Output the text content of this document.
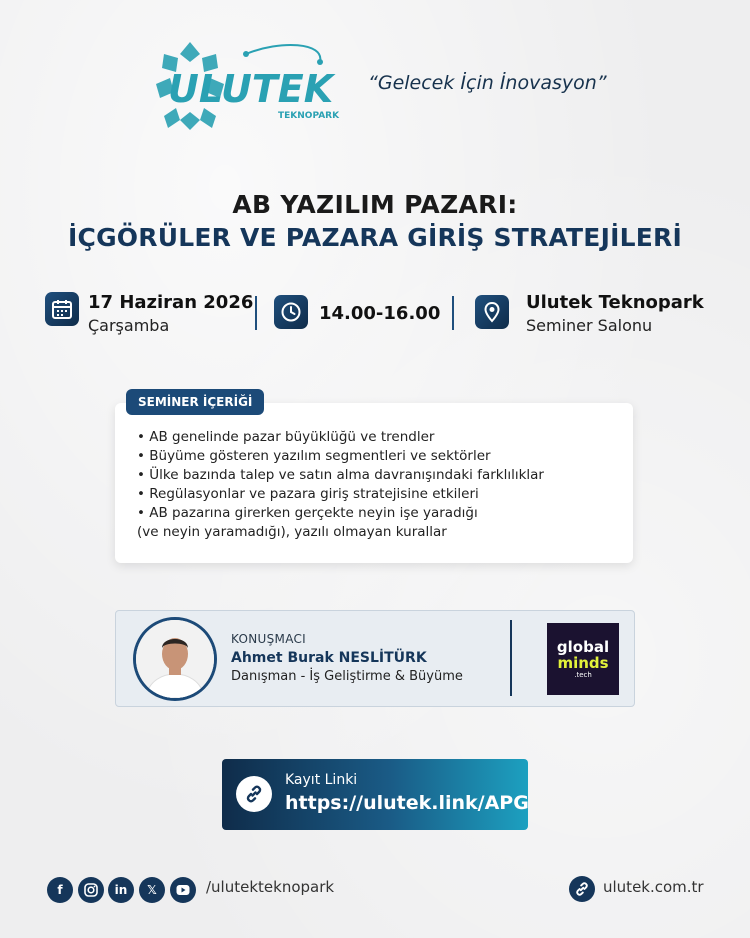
ULUTEK
TEKNOPARK
“Gelecek İçin İnovasyon”
AB YAZILIM PAZARI:
İÇGÖRÜLER VE PAZARA GİRİŞ STRATEJİLERİ
17 Haziran 2026
Çarşamba
14.00-16.00
Ulutek Teknopark
Seminer Salonu
SEMİNER İÇERİĞİ
• AB genelinde pazar büyüklüğü ve trendler
• Büyüme gösteren yazılım segmentleri ve sektörler
• Ülke bazında talep ve satın alma davranışındaki farklılıklar
• Regülasyonlar ve pazara giriş stratejisine etkileri
• AB pazarına girerken gerçekte neyin işe yaradığı
(ve neyin yaramadığı), yazılı olmayan kurallar
KONUŞMACI
Ahmet Burak NESLİTÜRK
Danışman - İş Geliştirme & Büyüme
global
minds
.tech
Kayıt Linki
https://ulutek.link/APG
f	in	𝕏	/ulutekteknopark	ulutek.com.tr
